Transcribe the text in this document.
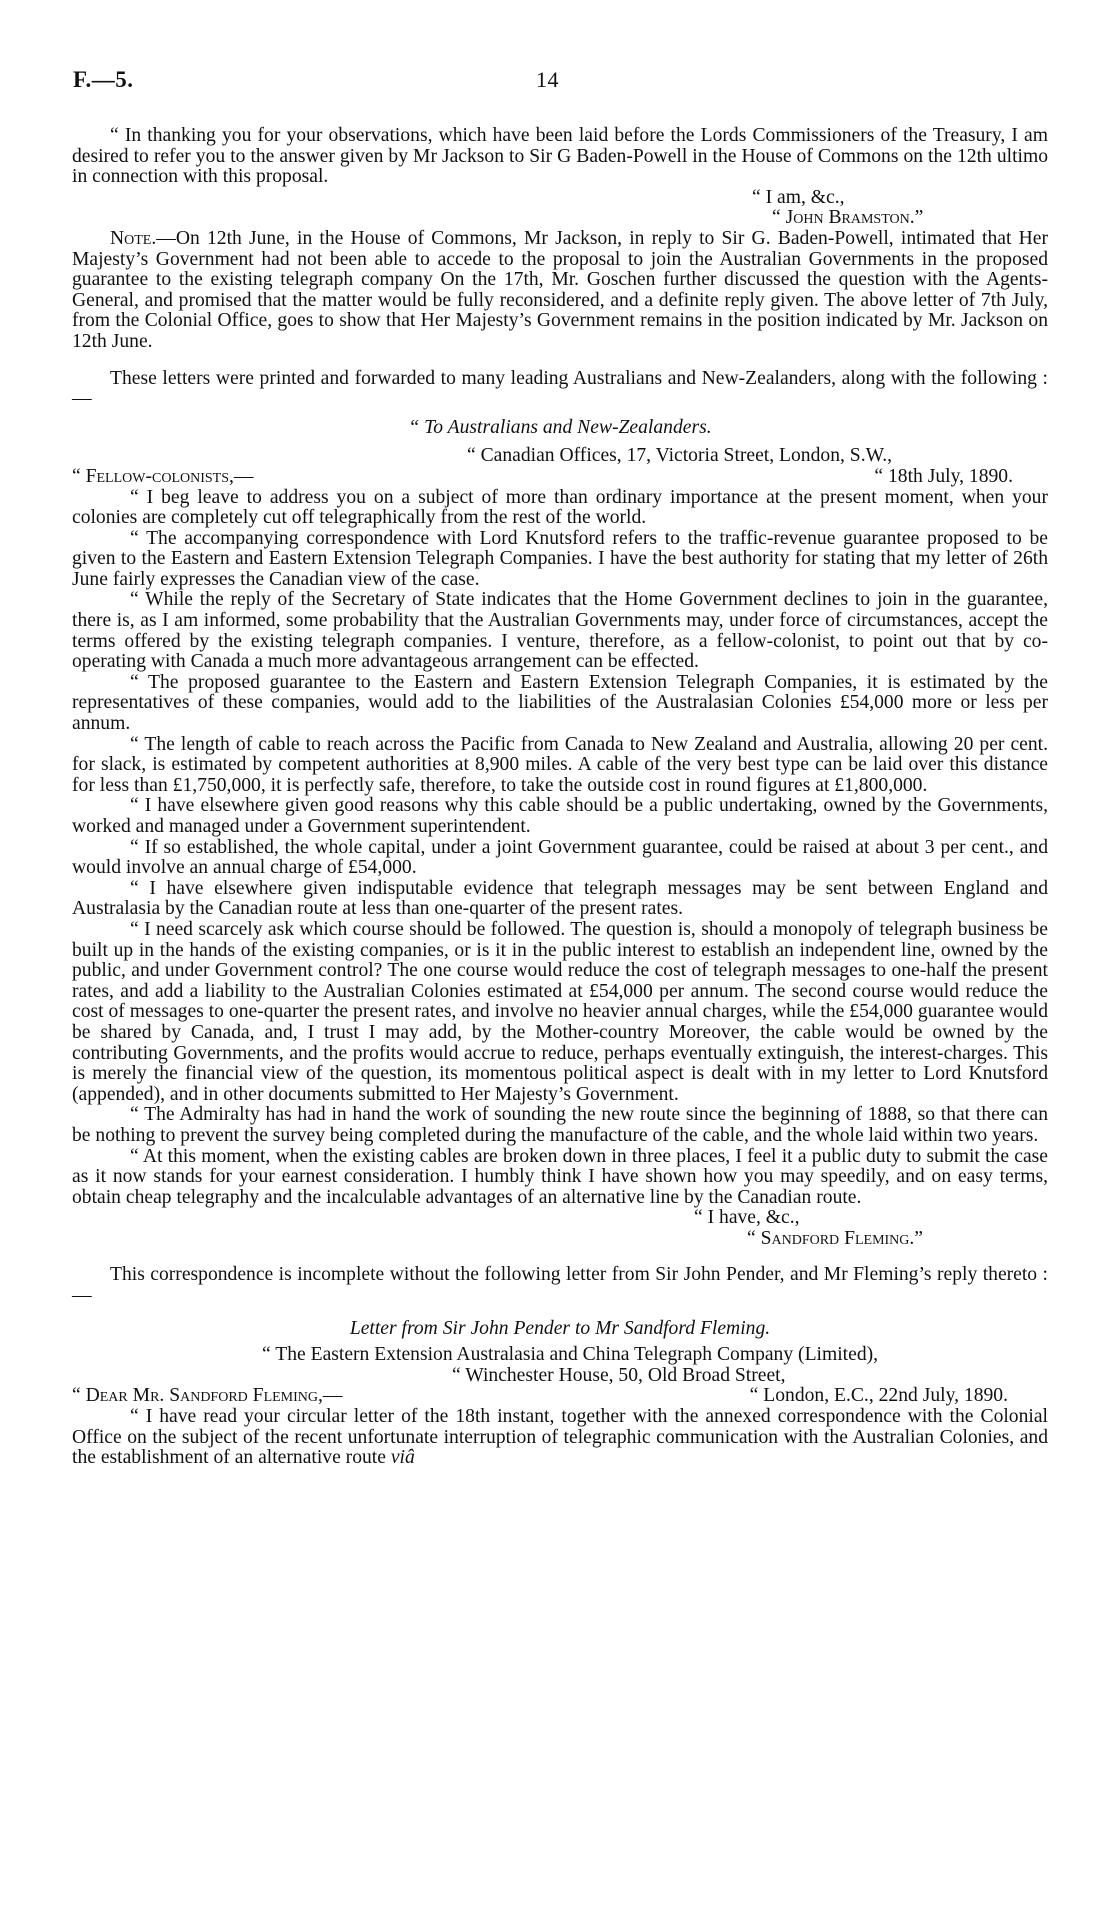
F.—5.	14

“ In thanking you for your observations, which have been laid before the Lords Commissioners of the Treasury, I am desired to refer you to the answer given by Mr Jackson to Sir G Baden-Powell in the House of Commons on the 12th ultimo in connection with this proposal.

“ I am, &c.,

“ John Bramston.”

Note.—On 12th June, in the House of Commons, Mr Jackson, in reply to Sir G. Baden-Powell, intimated that Her Majesty’s Government had not been able to accede to the proposal to join the Australian Governments in the proposed guarantee to the existing telegraph company On the 17th, Mr. Goschen further discussed the question with the Agents-General, and promised that the matter would be fully reconsidered, and a definite reply given. The above letter of 7th July, from the Colonial Office, goes to show that Her Majesty’s Government remains in the position indicated by Mr. Jackson on 12th June.

These letters were printed and forwarded to many leading Australians and New-Zealanders, along with the following :—

“ To Australians and New-Zealanders.

“ Canadian Offices, 17, Victoria Street, London, S.W.,

“ Fellow-colonists,—	“ 18th July, 1890.

“ I beg leave to address you on a subject of more than ordinary importance at the present moment, when your colonies are completely cut off telegraphically from the rest of the world.

“ The accompanying correspondence with Lord Knutsford refers to the traffic-revenue guarantee proposed to be given to the Eastern and Eastern Extension Telegraph Companies. I have the best authority for stating that my letter of 26th June fairly expresses the Canadian view of the case.

“ While the reply of the Secretary of State indicates that the Home Government declines to join in the guarantee, there is, as I am informed, some probability that the Australian Governments may, under force of circumstances, accept the terms offered by the existing telegraph companies. I venture, therefore, as a fellow-colonist, to point out that by co-operating with Canada a much more advantageous arrangement can be effected.

“ The proposed guarantee to the Eastern and Eastern Extension Telegraph Companies, it is estimated by the representatives of these companies, would add to the liabilities of the Australasian Colonies £54,000 more or less per annum.

“ The length of cable to reach across the Pacific from Canada to New Zealand and Australia, allowing 20 per cent. for slack, is estimated by competent authorities at 8,900 miles. A cable of the very best type can be laid over this distance for less than £1,750,000, it is perfectly safe, therefore, to take the outside cost in round figures at £1,800,000.

“ I have elsewhere given good reasons why this cable should be a public undertaking, owned by the Governments, worked and managed under a Government superintendent.

“ If so established, the whole capital, under a joint Government guarantee, could be raised at about 3 per cent., and would involve an annual charge of £54,000.

“ I have elsewhere given indisputable evidence that telegraph messages may be sent between England and Australasia by the Canadian route at less than one-quarter of the present rates.

“ I need scarcely ask which course should be followed. The question is, should a monopoly of telegraph business be built up in the hands of the existing companies, or is it in the public interest to establish an independent line, owned by the public, and under Government control? The one course would reduce the cost of telegraph messages to one-half the present rates, and add a liability to the Australian Colonies estimated at £54,000 per annum. The second course would reduce the cost of messages to one-quarter the present rates, and involve no heavier annual charges, while the £54,000 guarantee would be shared by Canada, and, I trust I may add, by the Mother-country Moreover, the cable would be owned by the contributing Governments, and the profits would accrue to reduce, perhaps eventually extinguish, the interest-charges. This is merely the financial view of the question, its momentous political aspect is dealt with in my letter to Lord Knutsford (appended), and in other documents submitted to Her Majesty’s Government.

“ The Admiralty has had in hand the work of sounding the new route since the beginning of 1888, so that there can be nothing to prevent the survey being completed during the manufacture of the cable, and the whole laid within two years.

“ At this moment, when the existing cables are broken down in three places, I feel it a public duty to submit the case as it now stands for your earnest consideration. I humbly think I have shown how you may speedily, and on easy terms, obtain cheap telegraphy and the incalculable advantages of an alternative line by the Canadian route.

“ I have, &c.,

“ Sandford Fleming.”

This correspondence is incomplete without the following letter from Sir John Pender, and Mr Fleming’s reply thereto :—

Letter from Sir John Pender to Mr Sandford Fleming.

“ The Eastern Extension Australasia and China Telegraph Company (Limited),

“ Winchester House, 50, Old Broad Street,

“ Dear Mr. Sandford Fleming,—	“ London, E.C., 22nd July, 1890.

“ I have read your circular letter of the 18th instant, together with the annexed correspondence with the Colonial Office on the subject of the recent unfortunate interruption of telegraphic communication with the Australian Colonies, and the establishment of an alternative route viâ
